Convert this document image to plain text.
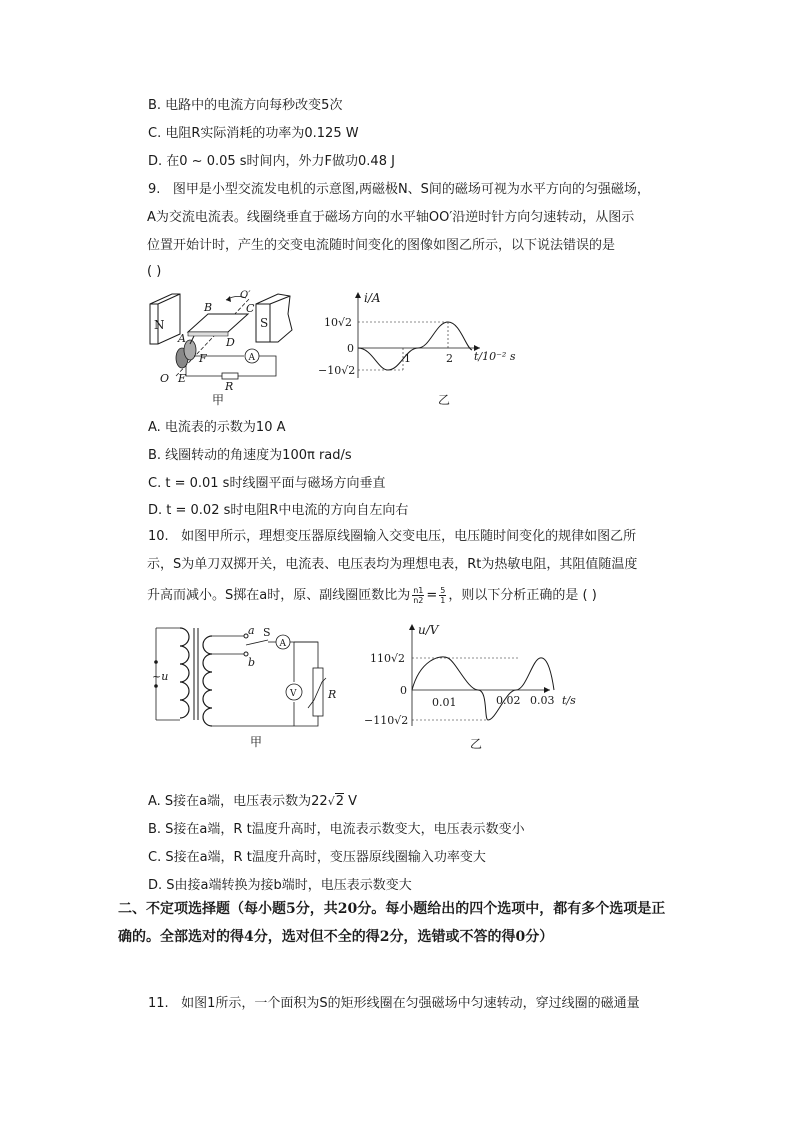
B. 电路中的电流方向每秒改变5次
C. 电阻R实际消耗的功率为0.125 W
D. 在0 ~ 0.05 s时间内，外力F做功0.48 J
9. 图甲是小型交流发电机的示意图,两磁极N、S间的磁场可视为水平方向的匀强磁场，
A为交流电流表。线圈绕垂直于磁场方向的水平轴OO′沿逆时针方向匀速转动，从图示
位置开始计时，产生的交变电流随时间变化的图像如图乙所示，以下说法错误的是
( )
N	S
O′
B	C
A	D
F
E
O
A
R
甲
i/A
10√2
−10√2
0
1	2 t/10⁻² s
乙
A. 电流表的示数为10 A
B. 线圈转动的角速度为100π rad/s
C. t = 0.01 s时线圈平面与磁场方向垂直
D. t = 0.02 s时电阻R中电流的方向自左向右
10. 如图甲所示，理想变压器原线圈输入交变电压，电压随时间变化的规律如图乙所
示，S为单刀双掷开关，电流表、电压表均为理想电表，Rt为热敏电阻，其阻值随温度
升高而减小。S掷在a时，原、副线圈匝数比为 $\frac{n1}{n2} = \frac{5}{1}$ ，则以下分析正确的是 ( )
~u
a
b
S
A
R
V
甲
u/V
110√2
−110√2
0
0.01	0.02 0.03 t/s
乙
A. S接在a端，电压表示数为22√2 V
B. S接在a端，R t温度升高时，电流表示数变大，电压表示数变小
C. S接在a端，R t温度升高时，变压器原线圈输入功率变大
D. S由接a端转换为接b端时，电压表示数变大
二、不定项选择题（每小题5分，共20分。每小题给出的四个选项中，都有多个选项是正确的。全部选对的得4分，选对但不全的得2分，选错或不答的得0分）
11. 如图1所示，一个面积为S的矩形线圈在匀强磁场中匀速转动，穿过线圈的磁通量
